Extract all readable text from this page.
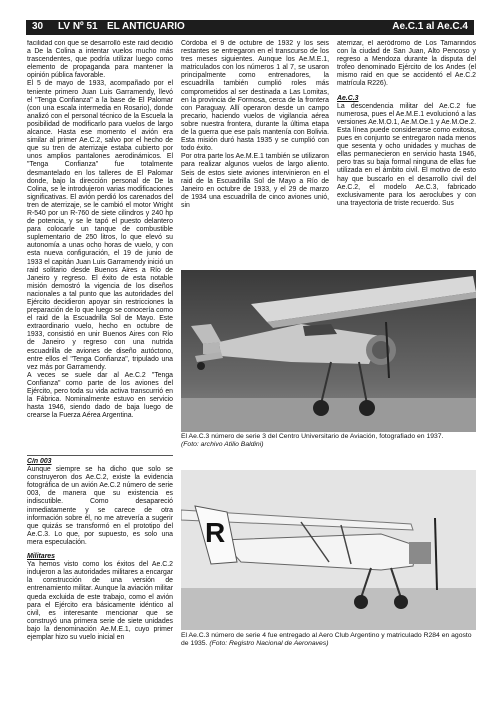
30 LV Nº 51 EL ANTICUARIO	Ae.C.1 al Ae.C.4

facilidad con que se desarrolló este raid decidió a De la Colina a intentar vuelos mucho más trascendentes, que podría utilizar luego como elemento de propaganda para mantener la opinión pública favorable.

El 5 de mayo de 1933, acompañado por el teniente primero Juan Luis Garramendy, llevó el "Tenga Confianza" a la base de El Palomar (con una escala intermedia en Rosario), donde analizó con el personal técnico de la Escuela la posibilidad de modificarlo para vuelos de largo alcance. Hasta ese momento el avión era similar al primer Ae.C.2, salvo por el hecho de que su tren de aterrizaje estaba cubierto por unos amplios pantalones aerodinámicos. El "Tenga Confianza" fue totalmente desmantelado en los talleres de El Palomar donde, bajo la dirección personal de De la Colina, se le introdujeron varias modificaciones significativas. El avión perdió los carenados del tren de aterrizaje, se le cambió el motor Wright R-540 por un R-760 de siete cilindros y 240 hp de potencia, y se le tapó el puesto delantero para colocarle un tanque de combustible suplementario de 250 litros, lo que elevó su autonomía a unas ocho horas de vuelo, y con esta nueva configuración, el 19 de junio de 1933 el capitán Juan Luis Garramendy inició un raid solitario desde Buenos Aires a Río de Janeiro y regreso. El éxito de esta notable misión demostró la vigencia de los diseños nacionales a tal punto que las autoridades del Ejército decidieron apoyar sin restricciones la preparación de lo que luego se conocería como el raid de la Escuadrilla Sol de Mayo. Este extraordinario vuelo, hecho en octubre de 1933, consistió en unir Buenos Aires con Río de Janeiro y regreso con una nutrida escuadrilla de aviones de diseño autóctono, entre ellos el "Tenga Confianza", tripulado una vez más por Garramendy.

A veces se suele dar al Ae.C.2 "Tenga Confianza" como parte de los aviones del Ejército, pero toda su vida activa transcurrió en la Fábrica. Nominalmente estuvo en servicio hasta 1946, siendo dado de baja luego de crearse la Fuerza Aérea Argentina.

C/n 003

Aunque siempre se ha dicho que solo se construyeron dos Ae.C.2, existe la evidencia fotográfica de un avión Ae.C.2 número de serie 003, de manera que su existencia es indiscutible. Como desapareció inmediatamente y se carece de otra información sobre él, no me atrevería a sugerir que quizás se transformó en el prototipo del Ae.C.3. Lo que, por supuesto, es solo una mera especulación.

Militares

Ya hemos visto como los éxitos del Ae.C.2 indujeron a las autoridades militares a encargar la construcción de una versión de entrenamiento militar. Aunque la aviación militar queda excluida de este trabajo, como el avión para el Ejército era básicamente idéntico al civil, es interesante mencionar que se construyó una primera serie de siete unidades bajo la denominación Ae.M.E.1, cuyo primer ejemplar hizo su vuelo inicial en

Córdoba el 9 de octubre de 1932 y los seis restantes se entregaron en el transcurso de los tres meses siguientes. Aunque los Ae.M.E.1, matriculados con los números 1 al 7, se usaron principalmente como entrenadores, la escuadrilla también cumplió roles más comprometidos al ser destinada a Las Lomitas, en la provincia de Formosa, cerca de la frontera con Paraguay. Allí operaron desde un campo precario, haciendo vuelos de vigilancia aérea sobre nuestra frontera, durante la última etapa de la guerra que ese país mantenía con Bolivia. Esta misión duró hasta 1935 y se cumplió con todo éxito.

Por otra parte los Ae.M.E.1 también se utilizaron para realizar algunos vuelos de largo aliento. Seis de estos siete aviones intervinieron en el raid de la Escuadrilla Sol de Mayo a Río de Janeiro en octubre de 1933, y el 29 de marzo de 1934 una escuadrilla de cinco aviones unió, sin

aterrizar, el aeródromo de Los Tamarindos con la ciudad de San Juan, Alto Pencoso y regreso a Mendoza durante la disputa del trofeo denominado Ejército de los Andes (el mismo raid en que se accidentó el Ae.C.2 matrícula R226).

Ae.C.3

La descendencia militar del Ae.C.2 fue numerosa, pues el Ae.M.E.1 evolucionó a las versiones Ae.M.O.1, Ae.M.Oe.1 y Ae.M.Oe.2. Esta línea puede considerarse como exitosa, pues en conjunto se entregaron nada menos que sesenta y ocho unidades y muchas de ellas permanecieron en servicio hasta 1946, pero tras su baja formal ninguna de ellas fue utilizada en el ámbito civil. El motivo de esto hay que buscarlo en el desarrollo civil del Ae.C.2, el modelo Ae.C.3, fabricado exclusivamente para los aeroclubes y con una trayectoria de triste recuerdo. Sus

El Ae.C.3 número de serie 3 del Centro Universitario de Aviación, fotografiado en 1937.
(Foto: archivo Atilio Baldini)
R
El Ae.C.3 número de serie 4 fue entregado al Aero Club Argentino y matriculado R284 en agosto de 1935. (Foto: Registro Nacional de Aeronaves)
